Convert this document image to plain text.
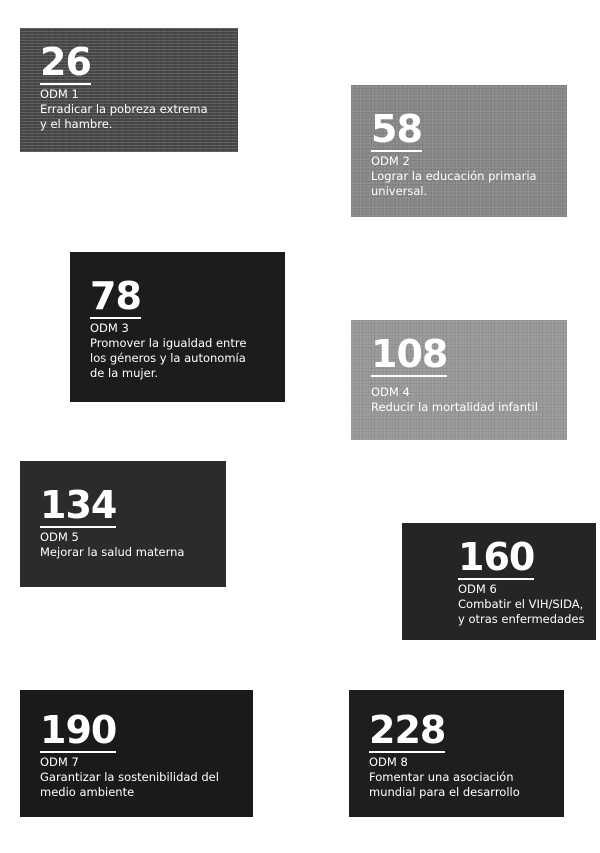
26
ODM 1
Erradicar la pobreza extrema
y el hambre.	58
ODM 2
Lograr la educación primaria
universal.
78
ODM 3
Promover la igualdad entre
los géneros y la autonomía
de la mujer.	108
ODM 4
Reducir la mortalidad infantil
134
ODM 5
Mejorar la salud materna	160
ODM 6
Combatir el VIH/SIDA,
y otras enfermedades
190
ODM 7
Garantizar la sostenibilidad del
medio ambiente
228
ODM 8
Fomentar una asociación
mundial para el desarrollo
